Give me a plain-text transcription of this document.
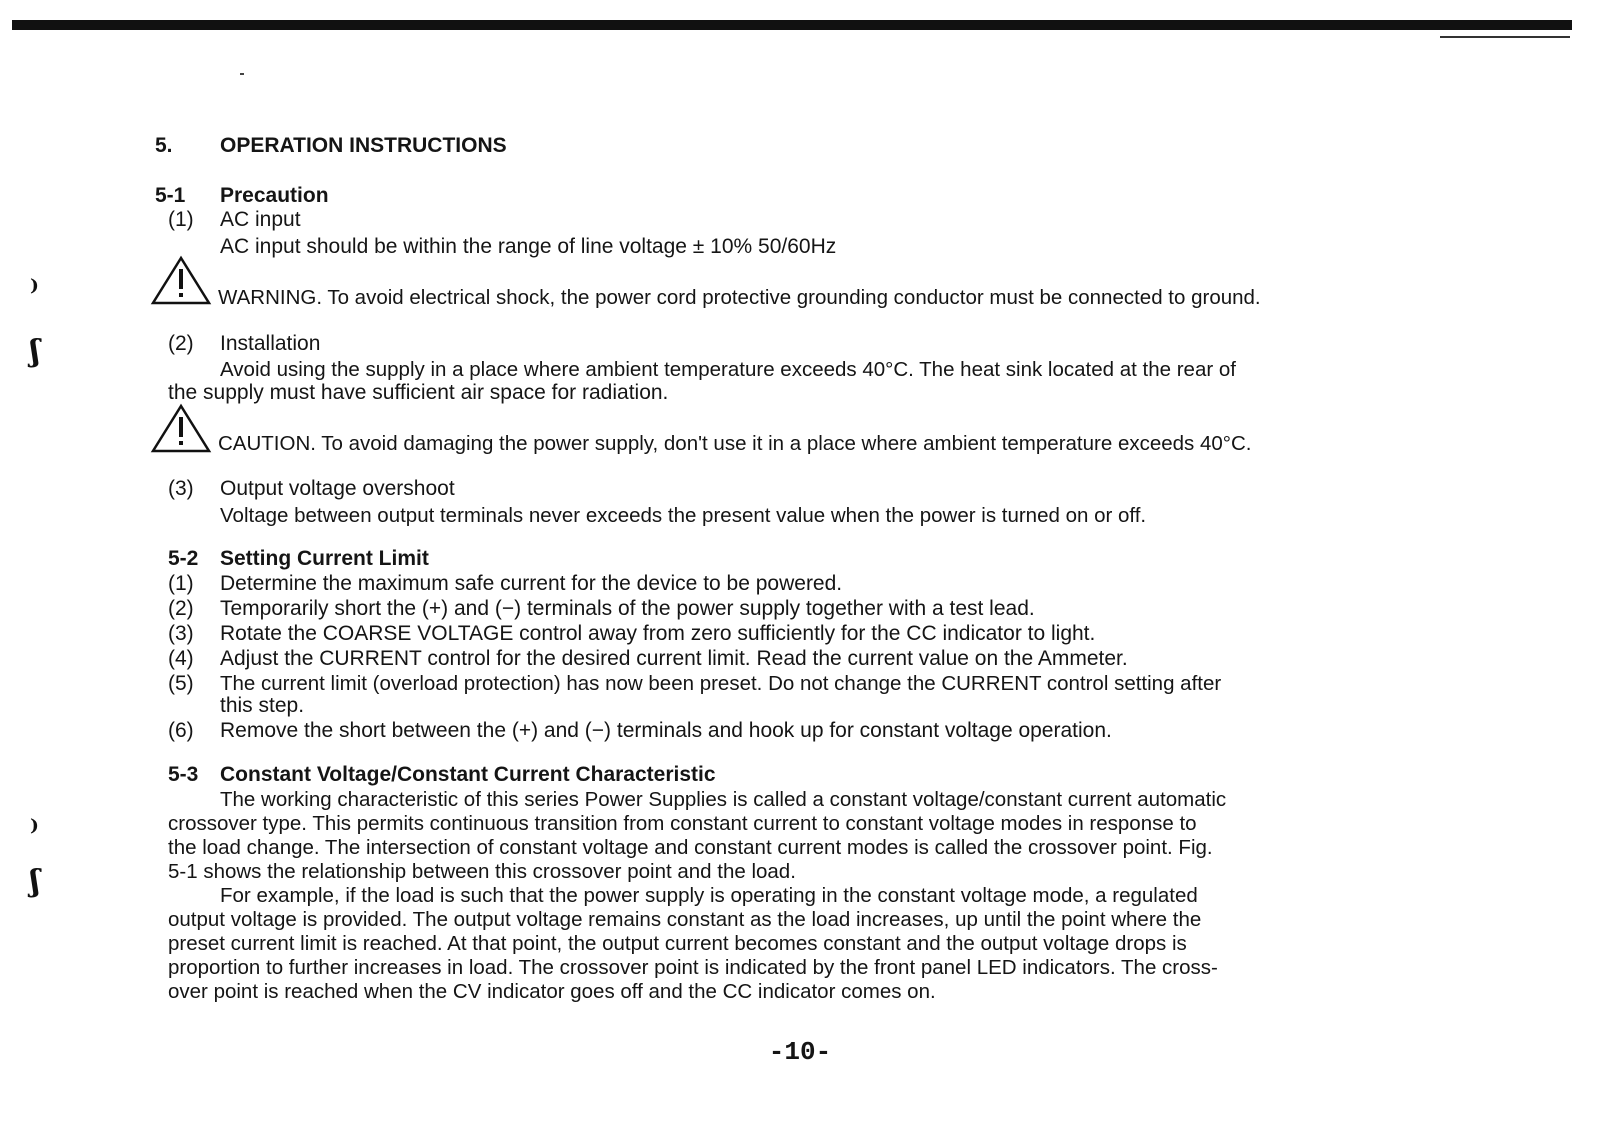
⁾
ʃ
⁾
ʃ
5. OPERATION INSTRUCTIONS
5-1 Precaution
(1) AC input
AC input should be within the range of line voltage ± 10% 50/60Hz
WARNING. To avoid electrical shock, the power cord protective grounding conductor must be connected to ground.
(2) Installation
Avoid using the supply in a place where ambient temperature exceeds 40°C. The heat sink located at the rear of
the supply must have sufficient air space for radiation.
CAUTION. To avoid damaging the power supply, don't use it in a place where ambient temperature exceeds 40°C.
(3) Output voltage overshoot
Voltage between output terminals never exceeds the present value when the power is turned on or off.
5-2 Setting Current Limit
(1) Determine the maximum safe current for the device to be powered.
(2) Temporarily short the (+) and (−) terminals of the power supply together with a test lead.
(3) Rotate the COARSE VOLTAGE control away from zero sufficiently for the CC indicator to light.
(4) Adjust the CURRENT control for the desired current limit. Read the current value on the Ammeter.
(5) The current limit (overload protection) has now been preset. Do not change the CURRENT control setting after
this step.
(6) Remove the short between the (+) and (−) terminals and hook up for constant voltage operation.
5-3 Constant Voltage/Constant Current Characteristic
The working characteristic of this series Power Supplies is called a constant voltage/constant current automatic
crossover type. This permits continuous transition from constant current to constant voltage modes in response to
the load change. The intersection of constant voltage and constant current modes is called the crossover point. Fig.
5-1 shows the relationship between this crossover point and the load.
For example, if the load is such that the power supply is operating in the constant voltage mode, a regulated
output voltage is provided. The output voltage remains constant as the load increases, up until the point where the
preset current limit is reached. At that point, the output current becomes constant and the output voltage drops is
proportion to further increases in load. The crossover point is indicated by the front panel LED indicators. The cross-
over point is reached when the CV indicator goes off and the CC indicator comes on.
-10-
